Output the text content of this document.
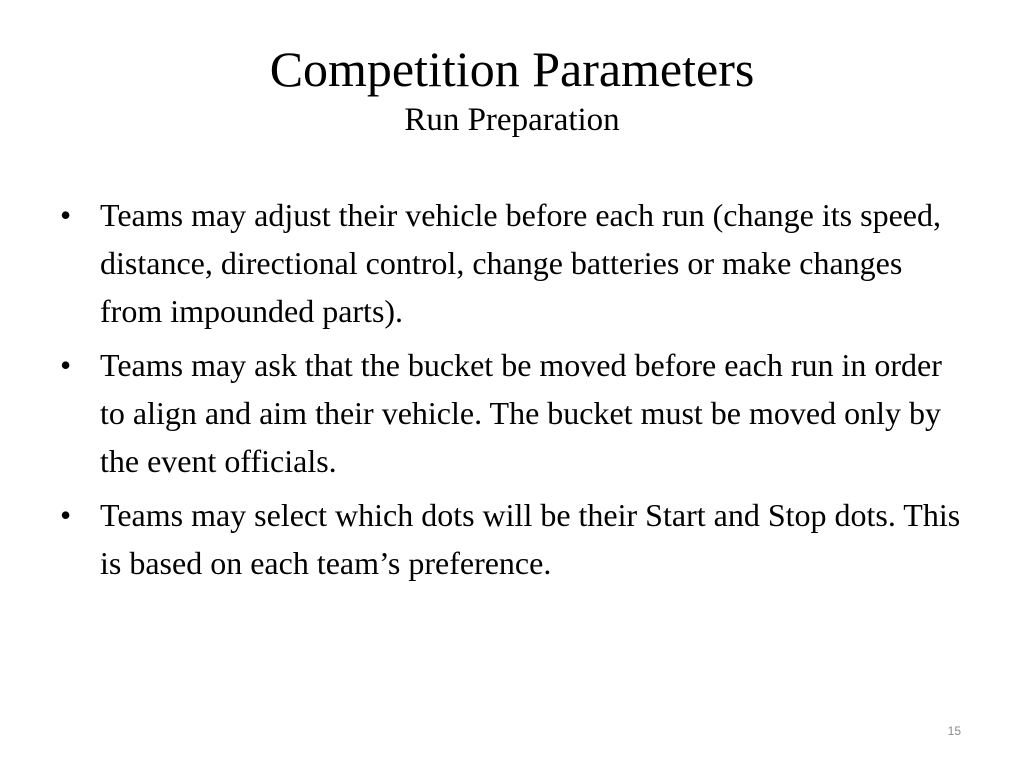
Competition Parameters
Run Preparation
• Teams may adjust their vehicle before each run (change its speed, distance, directional control, change batteries or make changes from impounded parts).
• Teams may ask that the bucket be moved before each run in order to align and aim their vehicle. The bucket must be moved only by the event officials.
• Teams may select which dots will be their Start and Stop dots. This is based on each team’s preference.
15
